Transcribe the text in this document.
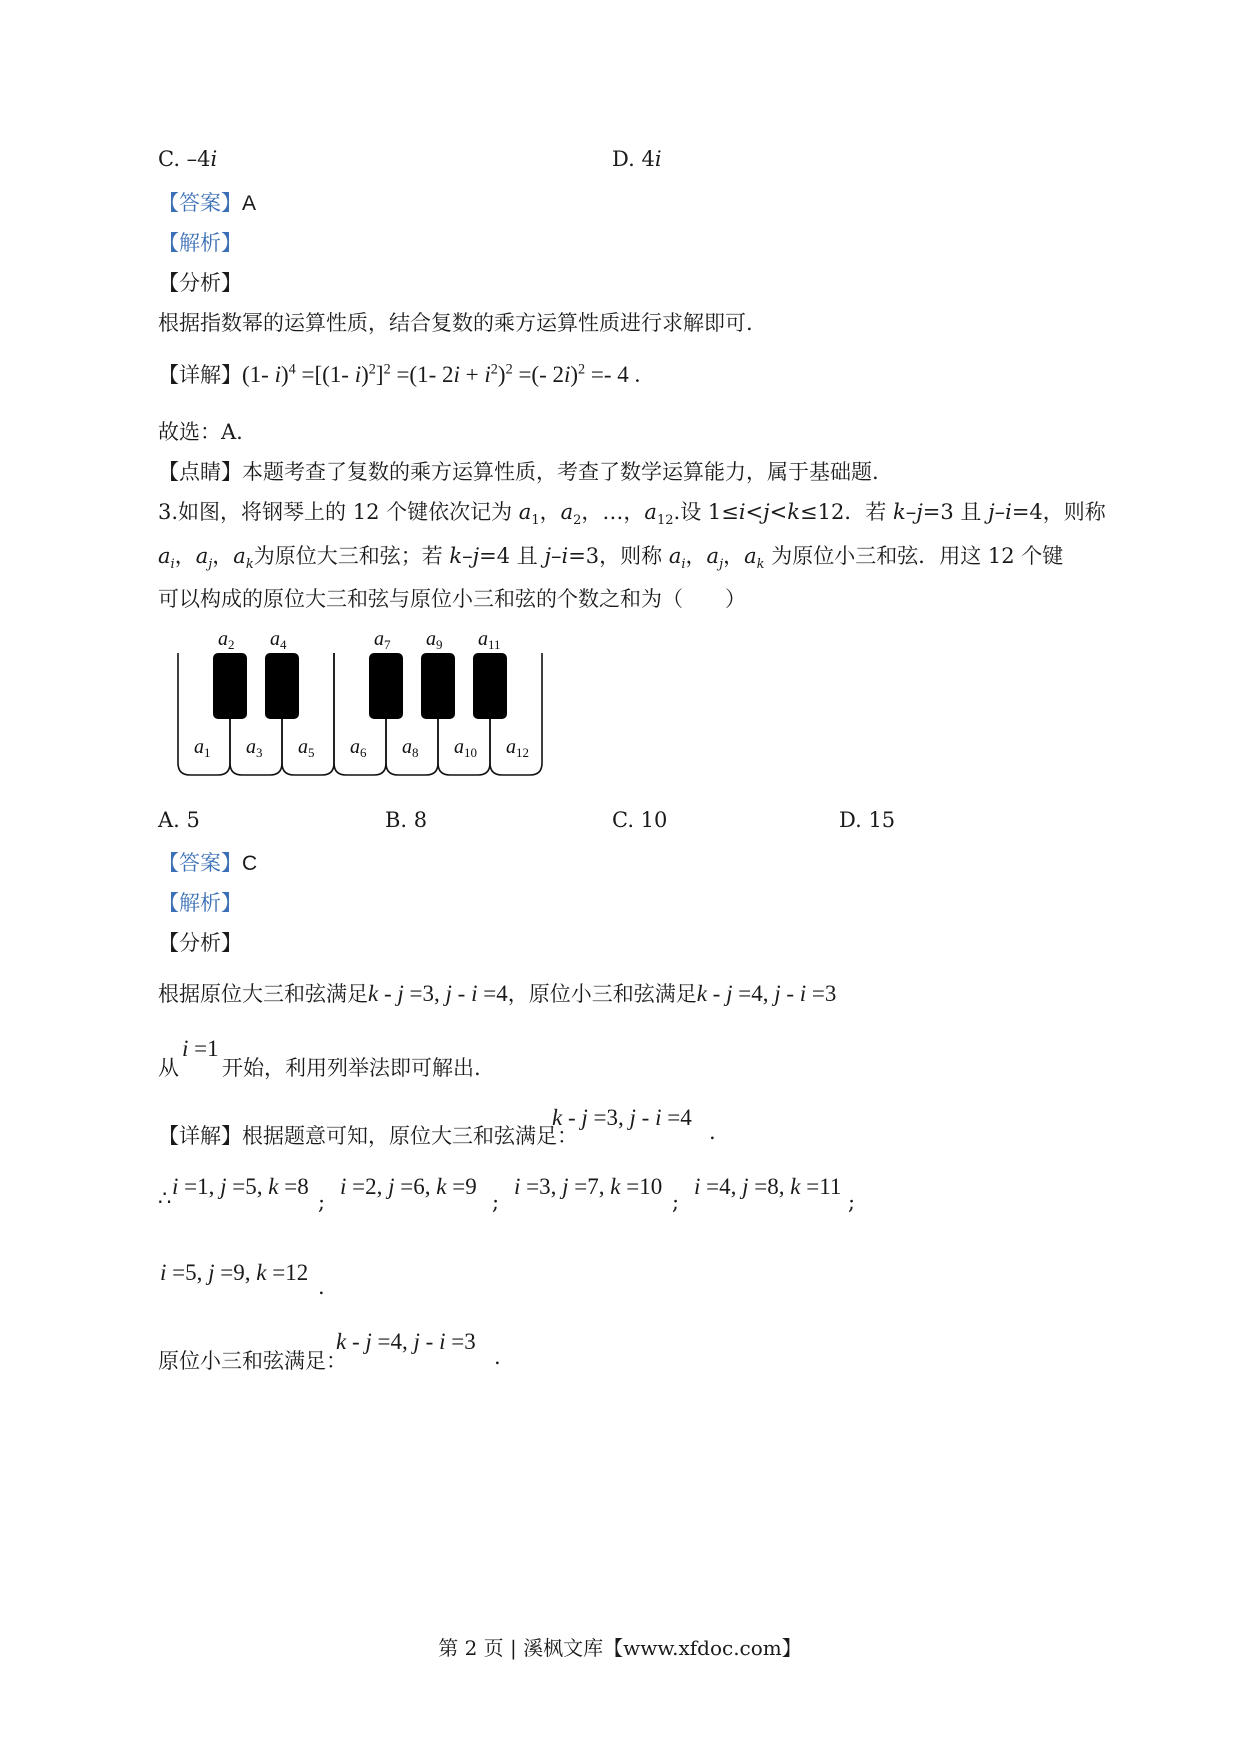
C. –4i	D. 4i
【答案】A
【解析】
【分析】
根据指数幂的运算性质，结合复数的乘方运算性质进行求解即可.
【详解】(1- i)$^4$ =[(1- i)$^2$]$^2$ =(1- $2i + i^2)^2$ =(- 2i)$^2$ =- 4 .
故选：A.
【点睛】本题考查了复数的乘方运算性质，考查了数学运算能力，属于基础题.
3.如图，将钢琴上的 12 个键依次记为 $a_1$，$a_2$，…，$a_{12}$.设 1≤i<j<k≤12．若 k–j=3 且 j–i=4，则称
$a_i$，$a_j$，$a_k$为原位大三和弦；若 k–j=4 且 j–i=3，则称 $a_i$，$a_j$，$a_k$ 为原位小三和弦．用这 12 个键
可以构成的原位大三和弦与原位小三和弦的个数之和为（　　）
$a_1$ $a_3$ $a_5$ $a_6$ $a_8$ $a_{10}$ $a_{12}$
$a_2$ $a_4$	$a_7$ $a_9$ $a_{11}$
A. 5	B. 8	C. 10	D. 15
【答案】C
【解析】
【分析】
根据原位大三和弦满足k - j =3, j - i =4，原位小三和弦满足k - j =4, j - i =3
从
i =1
开始，利用列举法即可解出.
【详解】根据题意可知，原位大三和弦满足：
k - j =3, j - i =4
.
∴ i =1, j =5, k =8
;
i =2, j =6, k =9
;
i =3, j =7, k =10
;
i =4, j =8, k =11
;
i =5, j =9, k =12
.
原位小三和弦满足：
k - j =4, j - i =3
.
第 2 页 | 溪枫文库【www.xfdoc.com】
